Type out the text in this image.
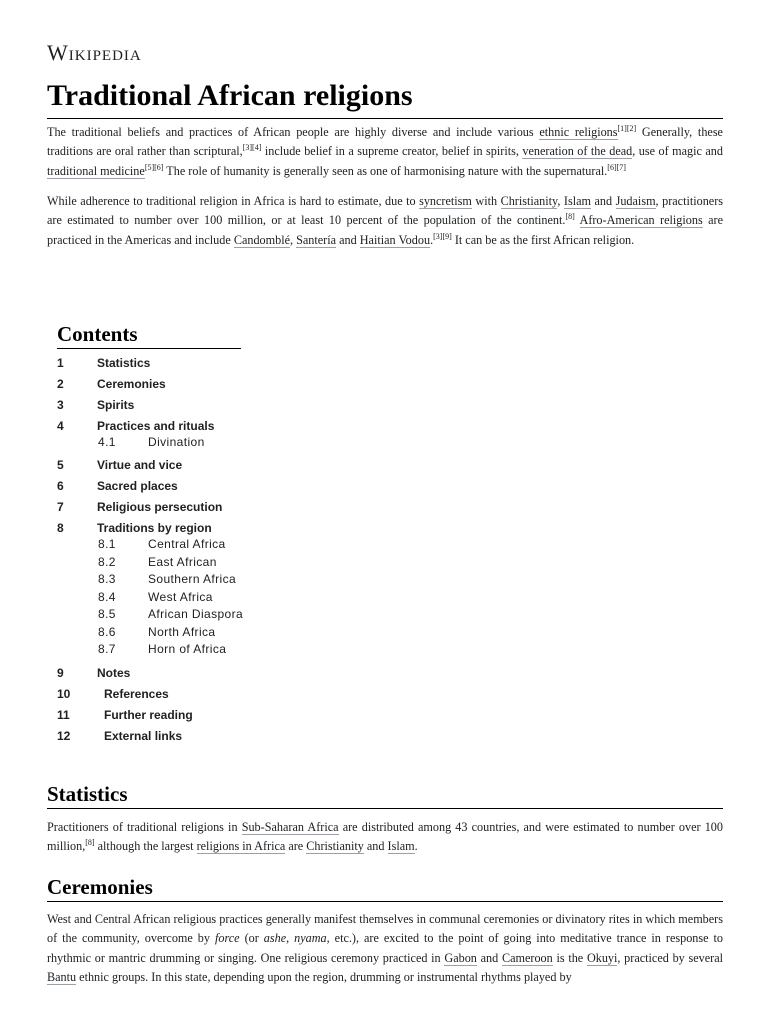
Wikipedia
Traditional African religions

The traditional beliefs and practices of African people are highly diverse and include various ethnic religions[1][2] Generally, these traditions are oral rather than scriptural,[3][4] include belief in a supreme creator, belief in spirits, veneration of the dead, use of magic and traditional medicine[5][6] The role of humanity is generally seen as one of harmonising nature with the supernatural.[6][7]

While adherence to traditional religion in Africa is hard to estimate, due to syncretism with Christianity, Islam and Judaism, practitioners are estimated to number over 100 million, or at least 10 percent of the population of the continent.[8] Afro-American religions are practiced in the Americas and include Candomblé, Santería and Haitian Vodou.[3][9] It can be as the first African religion.

Contents
1	Statistics
2	Ceremonies
3	Spirits
4	Practices and rituals
4.1	Divination
5	Virtue and vice
6	Sacred places
7	Religious persecution
8	Traditions by region
8.1	Central Africa
8.2	East African
8.3	Southern Africa
8.4	West Africa
8.5	African Diaspora
8.6	North Africa
8.7	Horn of Africa
9	Notes
10	References
11	Further reading
12	External links
Statistics

Practitioners of traditional religions in Sub-Saharan Africa are distributed among 43 countries, and were estimated to number over 100 million,[8] although the largest religions in Africa are Christianity and Islam.

Ceremonies

West and Central African religious practices generally manifest themselves in communal ceremonies or divinatory rites in which members of the community, overcome by force (or ashe, nyama, etc.), are excited to the point of going into meditative trance in response to rhythmic or mantric drumming or singing. One religious ceremony practiced in Gabon and Cameroon is the Okuyi, practiced by several Bantu ethnic groups. In this state, depending upon the region, drumming or instrumental rhythms played by
